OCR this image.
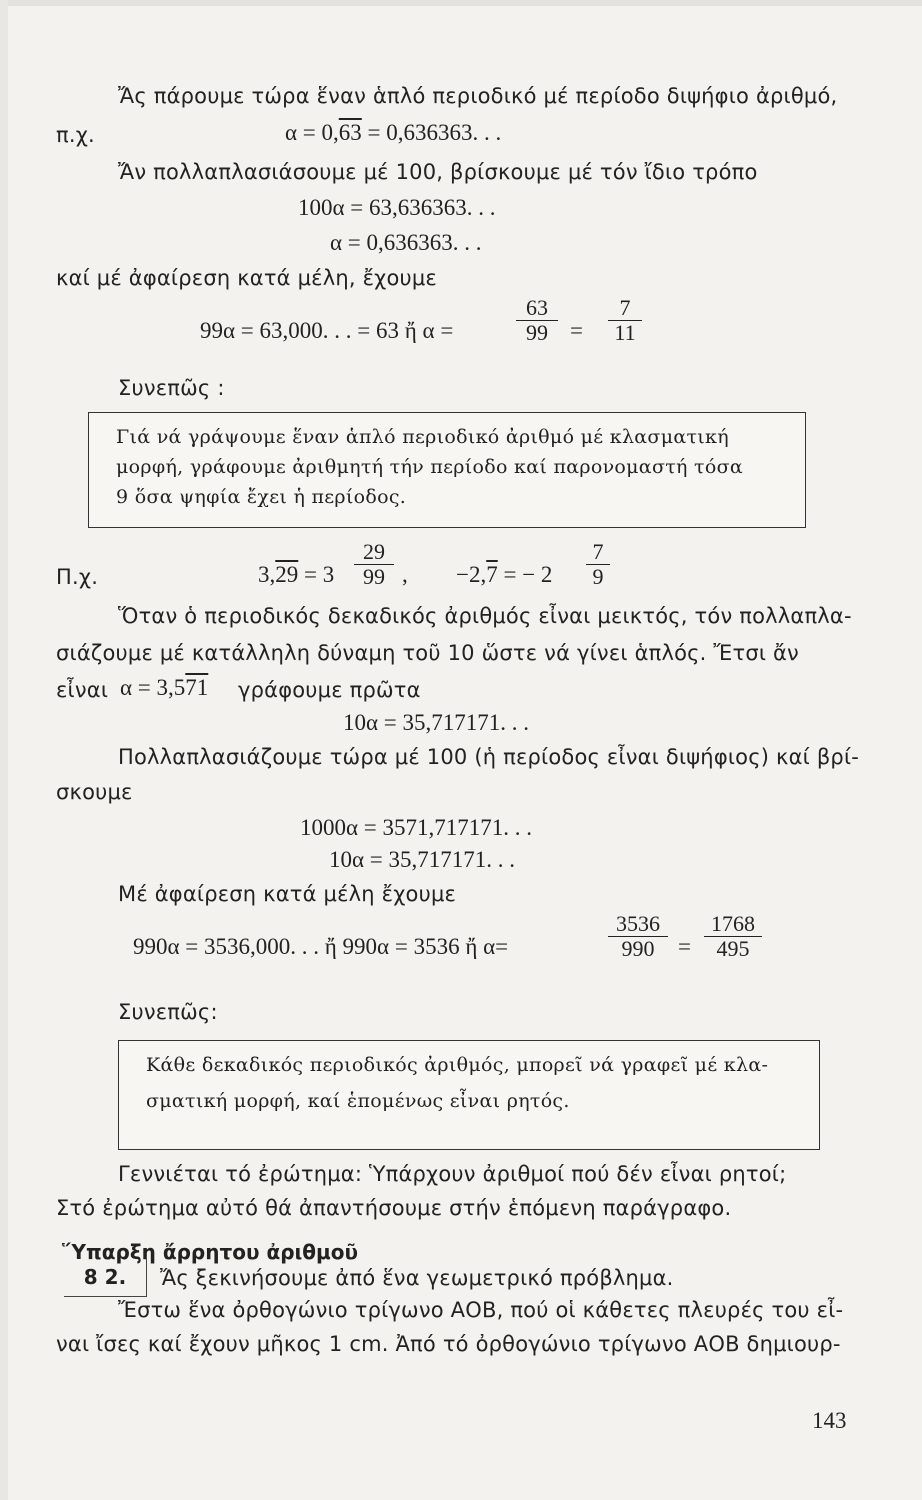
Ἄς πάρουμε τώρα ἕναν ἁπλό περιοδικό μέ περίοδο διψήφιο ἀριθμό,
π.χ.	α = 0,63 = 0,636363. . .
Ἄν πολλαπλασιάσουμε μέ 100, βρίσκουμε μέ τόν ἴδιο τρόπο
100α = 63,636363. . .
α = 0,636363. . .
καί μέ ἀφαίρεση κατά μέλη, ἔχουμε
99α = 63,000. . . = 63 ἤ α =	$\frac{63}{99} = \frac{7}{11}$
Συνεπῶς :
Γιά νά γράψουμε ἕναν ἁπλό περιοδικό ἀριθμό μέ κλασματική
μορφή, γράφουμε ἀριθμητή τήν περίοδο καί παρονομαστή τόσα
9 ὅσα ψηφία ἔχει ἡ περίοδος.
Π.χ.	$3,29 = 3 \frac{29}{99}$ , −2,7 = − $2 \frac{7}{9}$
Ὅταν ὁ περιοδικός δεκαδικός ἀριθμός εἶναι μεικτός, τόν πολλαπλα-
σιάζουμε μέ κατάλληλη δύναμη τοῦ 10 ὥστε νά γίνει ἁπλός. Ἔτσι ἄν
εἶναι α = 3,571 γράφουμε πρῶτα
10α = 35,717171. . .
Πολλαπλασιάζουμε τώρα μέ 100 (ἡ περίοδος εἶναι διψήφιος) καί βρί-
σκουμε
1000α = 3571,717171. . .
10α = 35,717171. . .
Μέ ἀφαίρεση κατά μέλη ἔχουμε
990α = 3536,000. . . ἤ 990α = 3536 ἤ α=	$\frac{3536}{990} = \frac{1768}{495}$
Συνεπῶς:
Κάθε δεκαδικός περιοδικός ἀριθμός, μπορεῖ νά γραφεῖ μέ κλα-
σματική μορφή, καί ἑπομένως εἶναι ρητός.
Γεννιέται τό ἐρώτημα: Ὑπάρχουν ἀριθμοί πού δέν εἶναι ρητοί;
Στό ἐρώτημα αὐτό θά ἀπαντήσουμε στήν ἑπόμενη παράγραφο.
Ὕπαρξη ἄρρητου ἀριθμοῦ
8 2.	Ἄς ξεκινήσουμε ἀπό ἕνα γεωμετρικό πρόβλημα.
Ἔστω ἕνα ὀρθογώνιο τρίγωνο ΑΟΒ, πού οἱ κάθετες πλευρές του εἶ-
ναι ἴσες καί ἔχουν μῆκος 1 cm. Ἀπό τό ὀρθογώνιο τρίγωνο ΑΟΒ δημιουρ-
143
